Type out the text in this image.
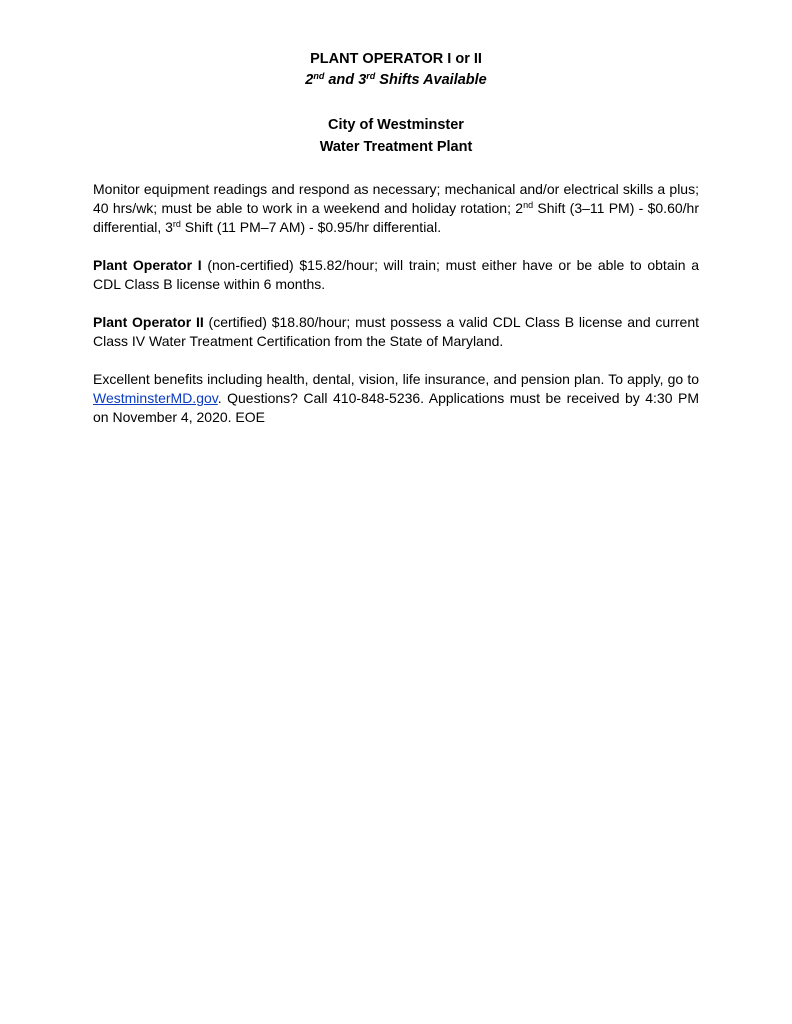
PLANT OPERATOR I or II
2nd and 3rd Shifts Available
City of Westminster
Water Treatment Plant

Monitor equipment readings and respond as necessary; mechanical and/or electrical skills a plus; 40 hrs/wk; must be able to work in a weekend and holiday rotation; 2nd Shift (3–11 PM) - $0.60/hr differential, 3rd Shift (11 PM–7 AM) - $0.95/hr differential.

Plant Operator I (non-certified) $15.82/hour; will train; must either have or be able to obtain a CDL Class B license within 6 months.

Plant Operator II (certified) $18.80/hour; must possess a valid CDL Class B license and current Class IV Water Treatment Certification from the State of Maryland.

Excellent benefits including health, dental, vision, life insurance, and pension plan. To apply, go to WestminsterMD.gov. Questions? Call 410-848-5236. Applications must be received by 4:30 PM on November 4, 2020. EOE
